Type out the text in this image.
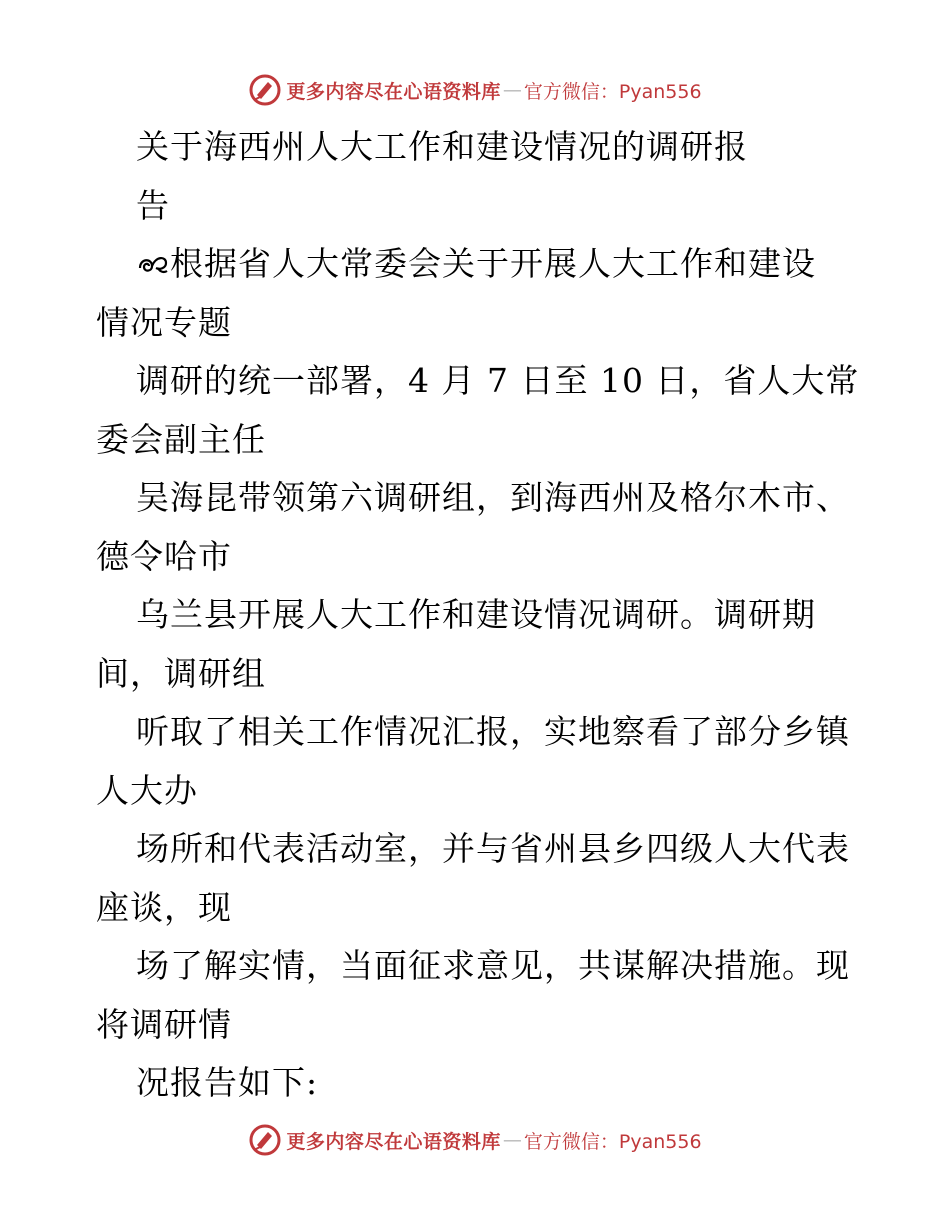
更多内容尽在心语资料库 — 官方微信：Pyan556
关于海西州人大工作和建设情况的调研报
告
根据省人大常委会关于开展人大工作和建设
情况专题
调研的统一部署，4 月 7 日至 10 日，省人大常
委会副主任
吴海昆带领第六调研组，到海西州及格尔木市、
德令哈市
乌兰县开展人大工作和建设情况调研。调研期
间，调研组
听取了相关工作情况汇报，实地察看了部分乡镇
人大办
场所和代表活动室，并与省州县乡四级人大代表
座谈，现
场了解实情，当面征求意见，共谋解决措施。现
将调研情
况报告如下:
更多内容尽在心语资料库 — 官方微信：Pyan556
